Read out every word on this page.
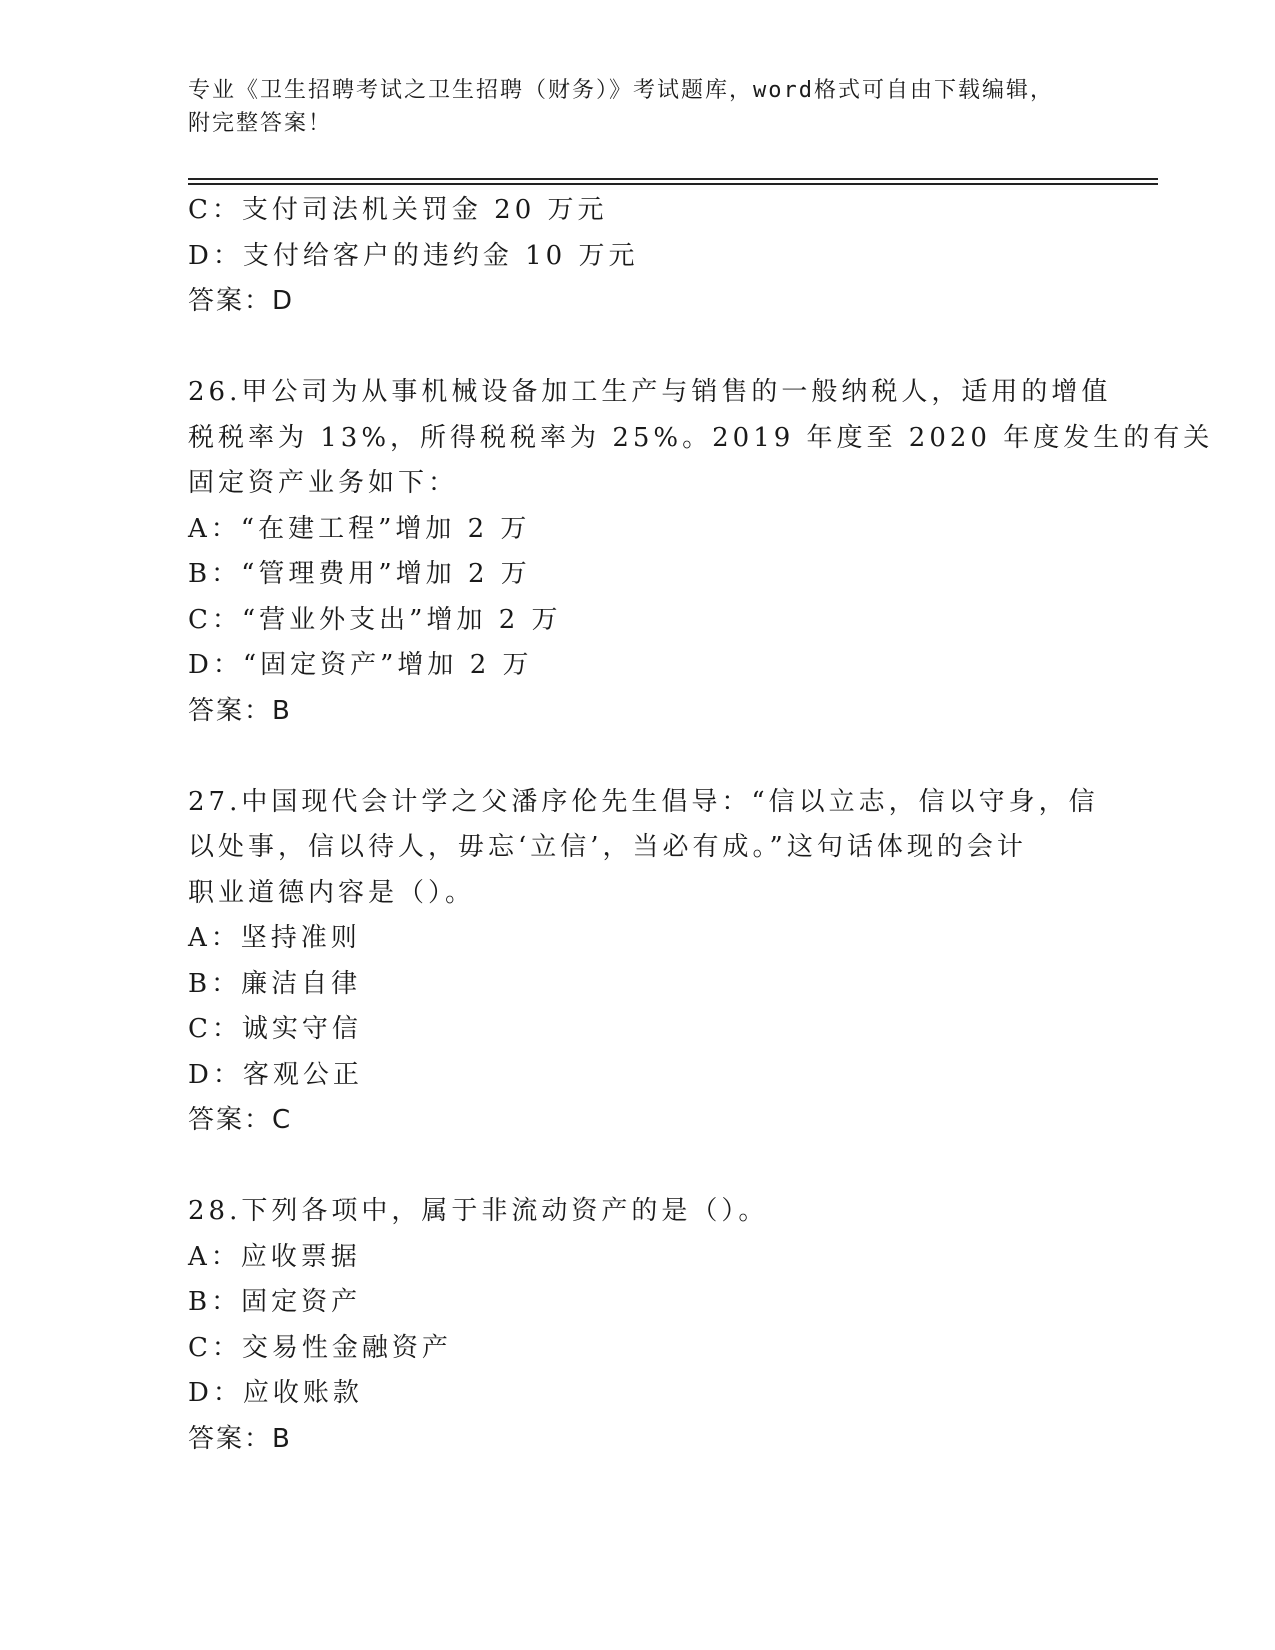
专业《卫生招聘考试之卫生招聘（财务）》考试题库，word格式可自由下载编辑，附完整答案！
C：支付司法机关罚金 20 万元
D：支付给客户的违约金 10 万元
答案：D
26.甲公司为从事机械设备加工生产与销售的一般纳税人，适用的增值
税税率为 13%，所得税税率为 25%。2019 年度至 2020 年度发生的有关
固定资产业务如下：
A：“在建工程”增加 2 万
B：“管理费用”增加 2 万
C：“营业外支出”增加 2 万
D：“固定资产”增加 2 万
答案：B
27.中国现代会计学之父潘序伦先生倡导：“信以立志，信以守身，信
以处事，信以待人，毋忘‘立信’，当必有成。”这句话体现的会计
职业道德内容是（）。
A：坚持准则
B：廉洁自律
C：诚实守信
D：客观公正
答案：C
28.下列各项中，属于非流动资产的是（）。
A：应收票据
B：固定资产
C：交易性金融资产
D：应收账款
答案：B
